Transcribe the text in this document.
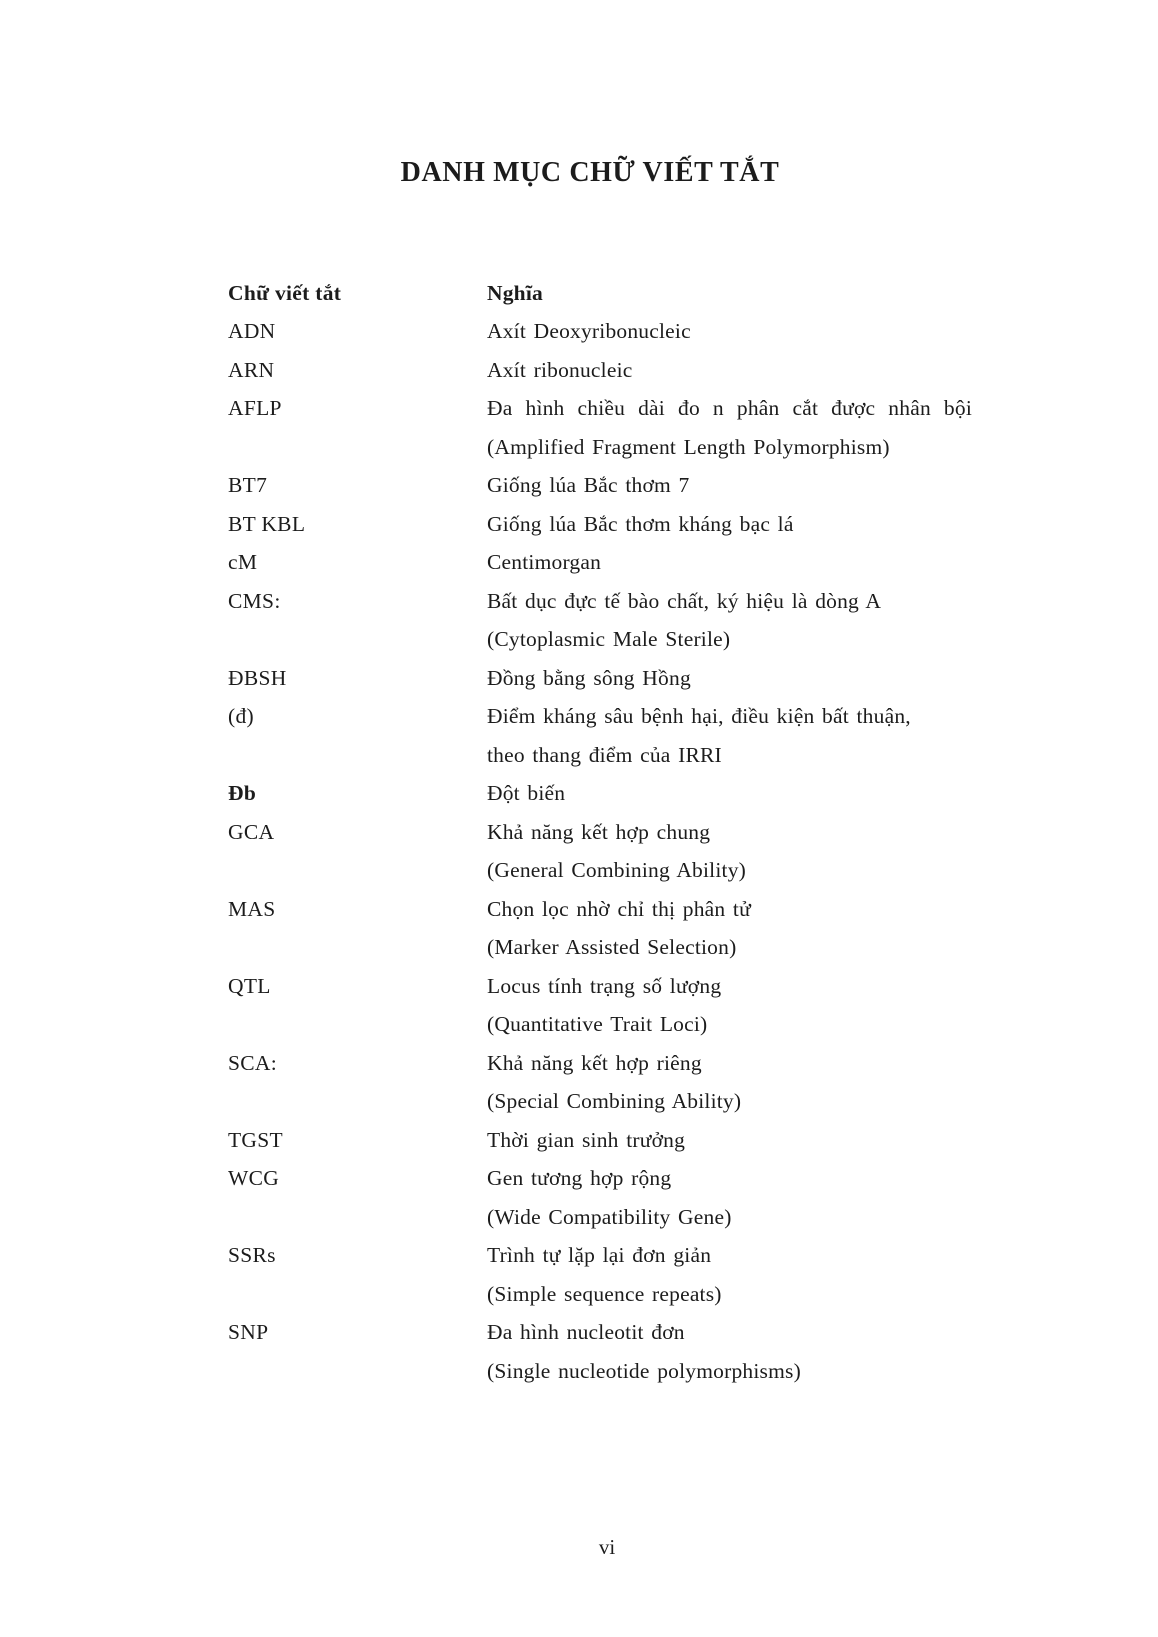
DANH MỤC CHỮ VIẾT TẮT
Chữ viết tắt	Nghĩa
ADN	Axít Deoxyribonucleic
ARN	Axít ribonucleic
AFLP	Đa hình chiều dài đo n phân cắt được nhân bội
(Amplified Fragment Length Polymorphism)
BT7	Giống lúa Bắc thơm 7
BT KBL	Giống lúa Bắc thơm kháng bạc lá
cM	Centimorgan
CMS:	Bất dục đực tế bào chất, ký hiệu là dòng A
(Cytoplasmic Male Sterile)
ĐBSH	Đồng bằng sông Hồng
(đ)	Điểm kháng sâu bệnh hại, điều kiện bất thuận,
theo thang điểm của IRRI
Đb	Đột biến
GCA	Khả năng kết hợp chung
(General Combining Ability)
MAS	Chọn lọc nhờ chỉ thị phân tử
(Marker Assisted Selection)
QTL	Locus tính trạng số lượng
(Quantitative Trait Loci)
SCA:	Khả năng kết hợp riêng
(Special Combining Ability)
TGST	Thời gian sinh trưởng
WCG	Gen tương hợp rộng
(Wide Compatibility Gene)
SSRs	Trình tự lặp lại đơn giản
(Simple sequence repeats)
SNP	Đa hình nucleotit đơn
(Single nucleotide polymorphisms)
vi
